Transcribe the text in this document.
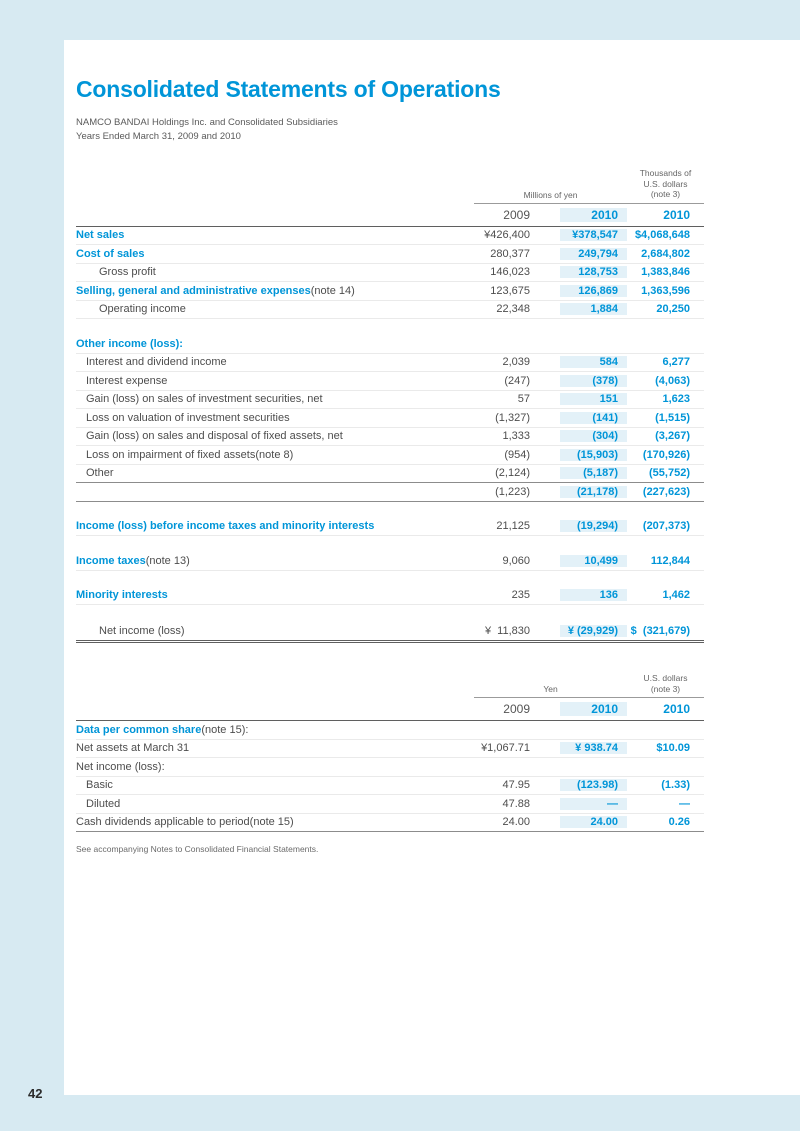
Consolidated Statements of Operations
NAMCO BANDAI Holdings Inc. and Consolidated Subsidiaries
Years Ended March 31, 2009 and 2010
Millions of yen
Thousands of
U.S. dollars
(note 3)
2009	2010	2010
Net sales	¥426,400	¥378,547	$4,068,648
Cost of sales	280,377	249,794	2,684,802
Gross profit	146,023	128,753	1,383,846
Selling, general and administrative expenses (note 14)	123,675	126,869	1,363,596
Operating income	22,348	1,884	20,250
Other income (loss):
Interest and dividend income	2,039	584	6,277
Interest expense	(247)	(378)	(4,063)
Gain (loss) on sales of investment securities, net	57	151	1,623
Loss on valuation of investment securities	(1,327)	(141)	(1,515)
Gain (loss) on sales and disposal of fixed assets, net	1,333	(304)	(3,267)
Loss on impairment of fixed assets (note 8)	(954)	(15,903)	(170,926)
Other	(2,124)	(5,187)	(55,752)
(1,223)	(21,178)	(227,623)
Income (loss) before income taxes and minority interests	21,125	(19,294)	(207,373)
Income taxes (note 13)	9,060	10,499	112,844
Minority interests	235	136	1,462
Net income (loss)	¥  11,830	¥ (29,929)	$  (321,679)
Yen
U.S. dollars
(note 3)
2009	2010	2010
Data per common share (note 15):
Net assets at March 31	¥1,067.71	¥ 938.74	$10.09
Net income (loss):
Basic	47.95	(123.98)	(1.33)
Diluted	47.88	—	—
Cash dividends applicable to period (note 15)	24.00	24.00	0.26
See accompanying Notes to Consolidated Financial Statements.
42
